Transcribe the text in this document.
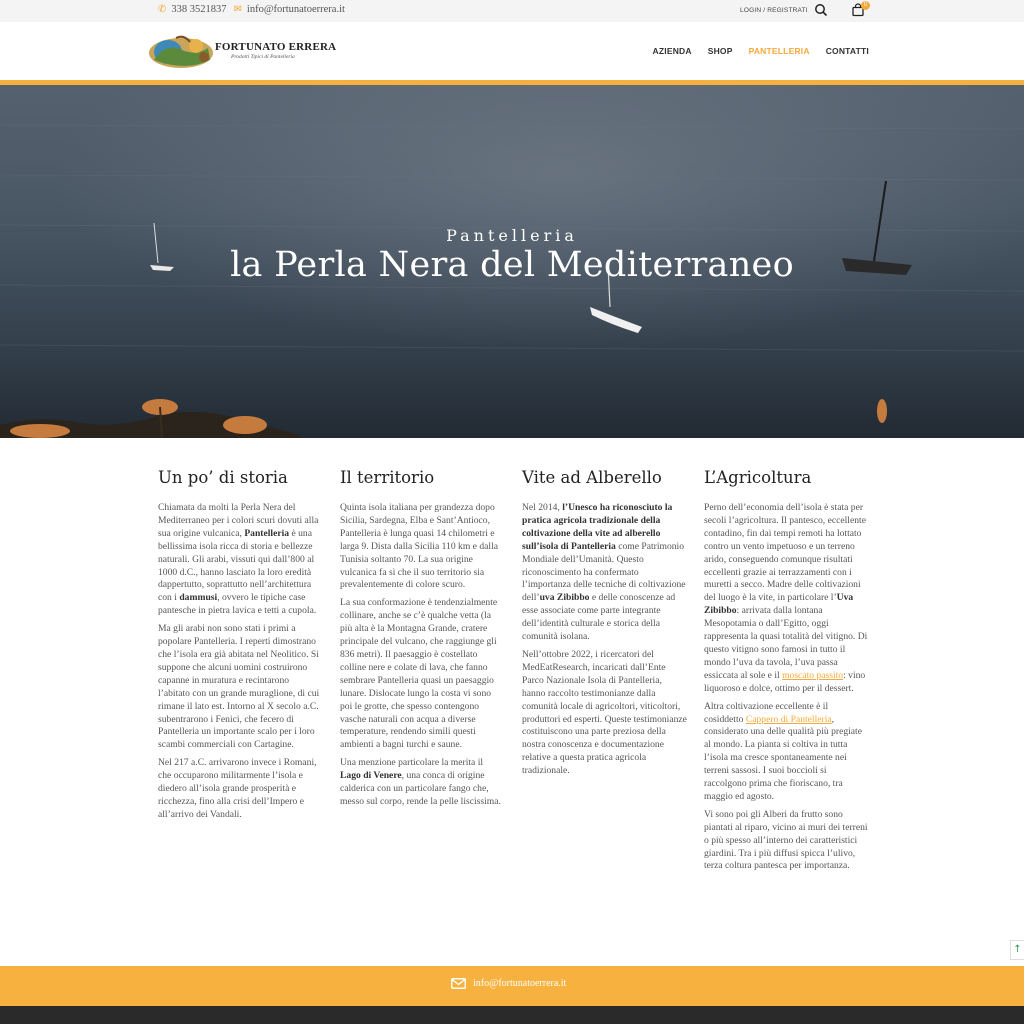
✆ 338 3521837 ✉ info@fortunatoerrera.it	LOGIN / REGISTRATI
0
FORTUNATO ERRERA
Prodotti Tipici di Pantelleria
AZIENDA SHOP PANTELLERIA CONTATTI
Pantelleria
la Perla Nera del Mediterraneo
Un po’ di storia

Chiamata da molti la Perla Nera del Mediterraneo per i colori scuri dovuti alla sua origine vulcanica, Pantelleria è una bellissima isola ricca di storia e bellezze naturali. Gli arabi, vissuti qui dall’800 al 1000 d.C., hanno lasciato la loro eredità dappertutto, soprattutto nell’architettura con i dammusi, ovvero le tipiche case pantesche in pietra lavica e tetti a cupola.

Ma gli arabi non sono stati i primi a popolare Pantelleria. I reperti dimostrano che l’isola era già abitata nel Neolitico. Si suppone che alcuni uomini costruirono capanne in muratura e recintarono l’abitato con un grande muraglione, di cui rimane il lato est. Intorno al X secolo a.C. subentrarono i Fenici, che fecero di Pantelleria un importante scalo per i loro scambi commerciali con Cartagine.

Nel 217 a.C. arrivarono invece i Romani, che occuparono militarmente l’isola e diedero all’isola grande prosperità e ricchezza, fino alla crisi dell’Impero e all’arrivo dei Vandali.

Il territorio

Quinta isola italiana per grandezza dopo Sicilia, Sardegna, Elba e Sant’Antioco, Pantelleria è lunga quasi 14 chilometri e larga 9. Dista dalla Sicilia 110 km e dalla Tunisia soltanto 70. La sua origine vulcanica fa sì che il suo territorio sia prevalentemente di colore scuro.

La sua conformazione è tendenzialmente collinare, anche se c’è qualche vetta (la più alta è la Montagna Grande, cratere principale del vulcano, che raggiunge gli 836 metri). Il paesaggio è costellato colline nere e colate di lava, che fanno sembrare Pantelleria quasi un paesaggio lunare. Dislocate lungo la costa vi sono poi le grotte, che spesso contengono vasche naturali con acqua a diverse temperature, rendendo simili questi ambienti a bagni turchi e saune.

Una menzione particolare la merita il Lago di Venere, una conca di origine calderica con un particolare fango che, messo sul corpo, rende la pelle liscissima.

Vite ad Alberello

Nel 2014, l’Unesco ha riconosciuto la pratica agricola tradizionale della coltivazione della vite ad alberello sull’isola di Pantelleria come Patrimonio Mondiale dell’Umanità. Questo riconoscimento ha confermato l’importanza delle tecniche di coltivazione dell’uva Zibibbo e delle conoscenze ad esse associate come parte integrante dell’identità culturale e storica della comunità isolana.

Nell’ottobre 2022, i ricercatori del MedEatResearch, incaricati dall’Ente Parco Nazionale Isola di Pantelleria, hanno raccolto testimonianze dalla comunità locale di agricoltori, viticoltori, produttori ed esperti. Queste testimonianze costituiscono una parte preziosa della nostra conoscenza e documentazione relative a questa pratica agricola tradizionale.

L’Agricoltura

Perno dell’economia dell’isola è stata per secoli l’agricoltura. Il pantesco, eccellente contadino, fin dai tempi remoti ha lottato contro un vento impetuoso e un terreno arido, conseguendo comunque risultati eccellenti grazie ai terrazzamenti con i muretti a secco. Madre delle coltivazioni del luogo è la vite, in particolare l’Uva Zibibbo: arrivata dalla lontana Mesopotamia o dall’Egitto, oggi rappresenta la quasi totalità del vitigno. Di questo vitigno sono famosi in tutto il mondo l’uva da tavola, l’uva passa essiccata al sole e il moscato passito: vino liquoroso e dolce, ottimo per il dessert.

Altra coltivazione eccellente è il cosiddetto Cappero di Pantelleria, considerato una delle qualità più pregiate al mondo. La pianta si coltiva in tutta l’isola ma cresce spontaneamente nei terreni sassosi. I suoi boccioli si raccolgono prima che fioriscano, tra maggio ed agosto.

Vi sono poi gli Alberi da frutto sono piantati al riparo, vicino ai muri dei terreni o più spesso all’interno dei caratteristici giardini. Tra i più diffusi spicca l’ulivo, terza coltura pantesca per importanza.

↑
info@fortunatoerrera.it
